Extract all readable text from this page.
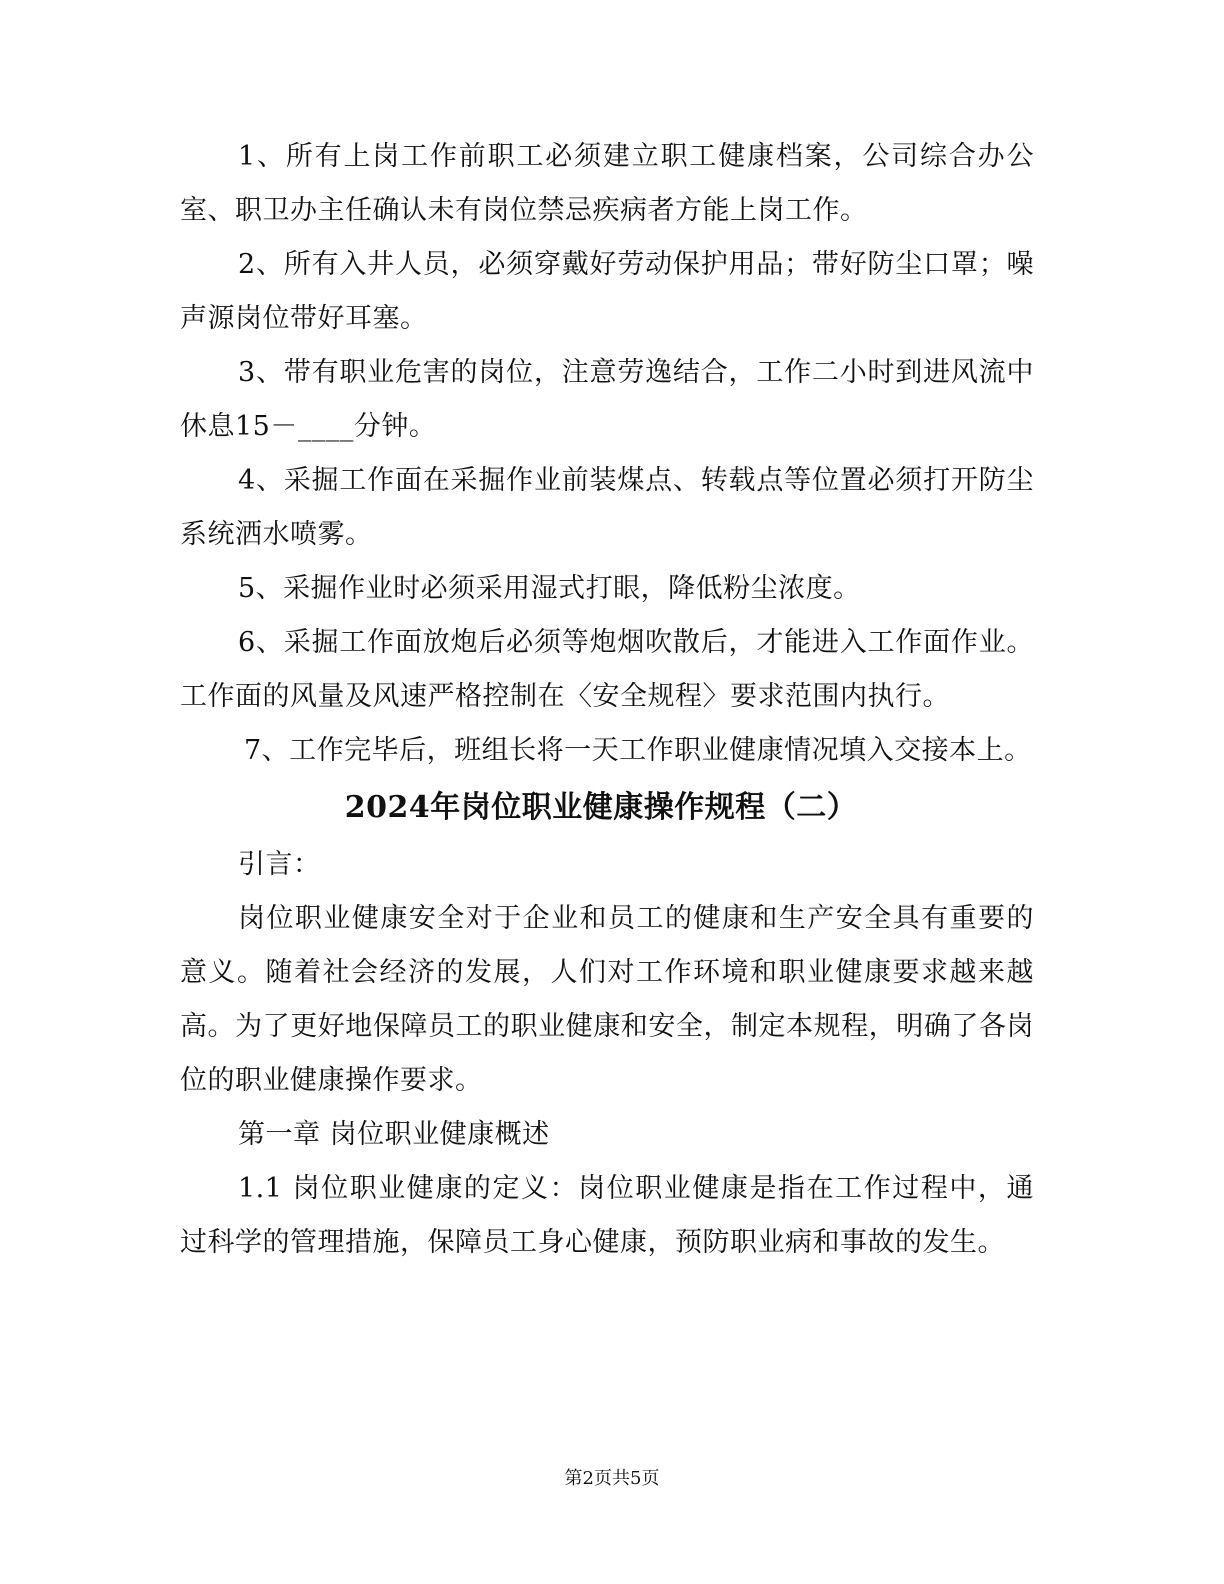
1、所有上岗工作前职工必须建立职工健康档案，公司综合办公室、职卫办主任确认未有岗位禁忌疾病者方能上岗工作。

2、所有入井人员，必须穿戴好劳动保护用品；带好防尘口罩；噪声源岗位带好耳塞。

3、带有职业危害的岗位，注意劳逸结合，工作二小时到进风流中休息15－____分钟。

4、采掘工作面在采掘作业前装煤点、转载点等位置必须打开防尘系统洒水喷雾。

5、采掘作业时必须采用湿式打眼，降低粉尘浓度。

6、采掘工作面放炮后必须等炮烟吹散后，才能进入工作面作业。工作面的风量及风速严格控制在〈安全规程〉要求范围内执行。

7、工作完毕后，班组长将一天工作职业健康情况填入交接本上。

2024年岗位职业健康操作规程（二）

引言：

岗位职业健康安全对于企业和员工的健康和生产安全具有重要的意义。随着社会经济的发展，人们对工作环境和职业健康要求越来越高。为了更好地保障员工的职业健康和安全，制定本规程，明确了各岗位的职业健康操作要求。

第一章 岗位职业健康概述

1.1 岗位职业健康的定义：岗位职业健康是指在工作过程中，通过科学的管理措施，保障员工身心健康，预防职业病和事故的发生。

第2页共5页
